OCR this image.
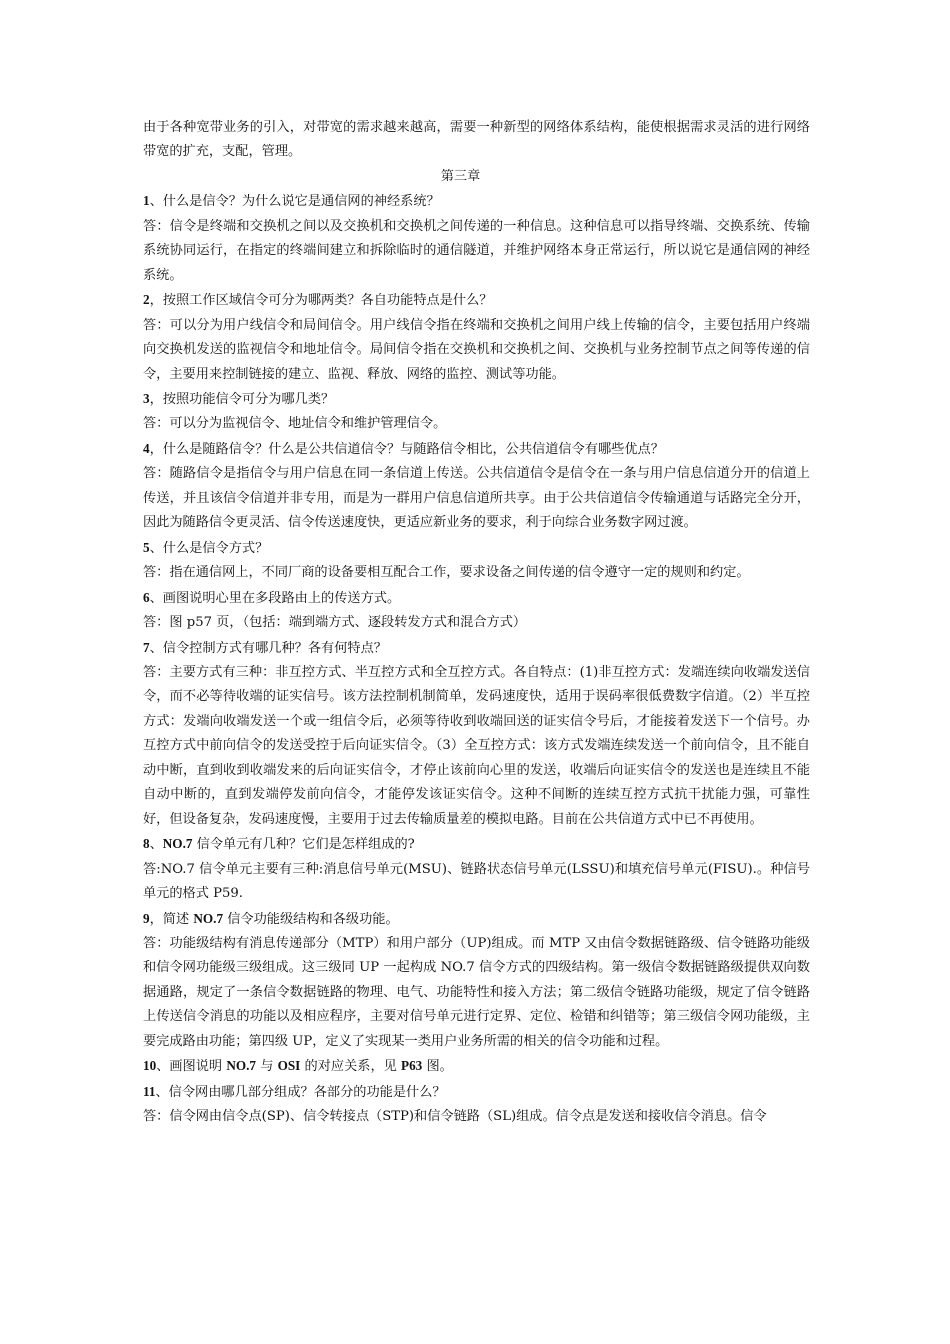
由于各种宽带业务的引入，对带宽的需求越来越高，需要一种新型的网络体系结构，能使根据需求灵活的进行网络带宽的扩充，支配，管理。
第三章
1、什么是信令？为什么说它是通信网的神经系统？
答：信令是终端和交换机之间以及交换机和交换机之间传递的一种信息。这种信息可以指导终端、交换系统、传输系统协同运行，在指定的终端间建立和拆除临时的通信隧道，并维护网络本身正常运行，所以说它是通信网的神经系统。
2，按照工作区域信令可分为哪两类？各自功能特点是什么？
答：可以分为用户线信令和局间信令。用户线信令指在终端和交换机之间用户线上传输的信令，主要包括用户终端向交换机发送的监视信令和地址信令。局间信令指在交换机和交换机之间、交换机与业务控制节点之间等传递的信令，主要用来控制链接的建立、监视、释放、网络的监控、测试等功能。
3，按照功能信令可分为哪几类？
答：可以分为监视信令、地址信令和维护管理信令。
4，什么是随路信令？什么是公共信道信令？与随路信令相比，公共信道信令有哪些优点？
答：随路信令是指信令与用户信息在同一条信道上传送。公共信道信令是信令在一条与用户信息信道分开的信道上传送，并且该信令信道并非专用，而是为一群用户信息信道所共享。由于公共信道信令传输通道与话路完全分开，因此为随路信令更灵活、信令传送速度快，更适应新业务的要求，利于向综合业务数字网过渡。
5、什么是信令方式？
答：指在通信网上，不同厂商的设备要相互配合工作，要求设备之间传递的信令遵守一定的规则和约定。
6、画图说明心里在多段路由上的传送方式。
答：图 p57 页，（包括：端到端方式、逐段转发方式和混合方式）
7、信令控制方式有哪几种？各有何特点？
答：主要方式有三种：非互控方式、半互控方式和全互控方式。各自特点：(1)非互控方式：发端连续向收端发送信令，而不必等待收端的证实信号。该方法控制机制简单，发码速度快，适用于误码率很低费数字信道。（2）半互控方式：发端向收端发送一个或一组信令后，必须等待收到收端回送的证实信令号后，才能接着发送下一个信号。办互控方式中前向信令的发送受控于后向证实信令。（3）全互控方式：该方式发端连续发送一个前向信令，且不能自动中断，直到收到收端发来的后向证实信令，才停止该前向心里的发送，收端后向证实信令的发送也是连续且不能自动中断的，直到发端停发前向信令，才能停发该证实信令。这种不间断的连续互控方式抗干扰能力强，可靠性好，但设备复杂，发码速度慢，主要用于过去传输质量差的模拟电路。目前在公共信道方式中已不再使用。
8、NO.7 信令单元有几种？它们是怎样组成的?
答:NO.7 信令单元主要有三种:消息信号单元(MSU)、链路状态信号单元(LSSU)和填充信号单元(FISU).。种信号单元的格式 P59.
9，简述 NO.7 信令功能级结构和各级功能。
答：功能级结构有消息传递部分（MTP）和用户部分（UP)组成。而 MTP 又由信令数据链路级、信令链路功能级和信令网功能级三级组成。这三级同 UP 一起构成 NO.7 信令方式的四级结构。第一级信令数据链路级提供双向数据通路，规定了一条信令数据链路的物理、电气、功能特性和接入方法；第二级信令链路功能级，规定了信令链路上传送信令消息的功能以及相应程序，主要对信号单元进行定界、定位、检错和纠错等；第三级信令网功能级，主要完成路由功能；第四级 UP，定义了实现某一类用户业务所需的相关的信令功能和过程。
10、画图说明 NO.7 与 OSI 的对应关系，见 P63 图。
11、信令网由哪几部分组成？各部分的功能是什么？
答：信令网由信令点(SP)、信令转接点（STP)和信令链路（SL)组成。信令点是发送和接收信令消息。信令
